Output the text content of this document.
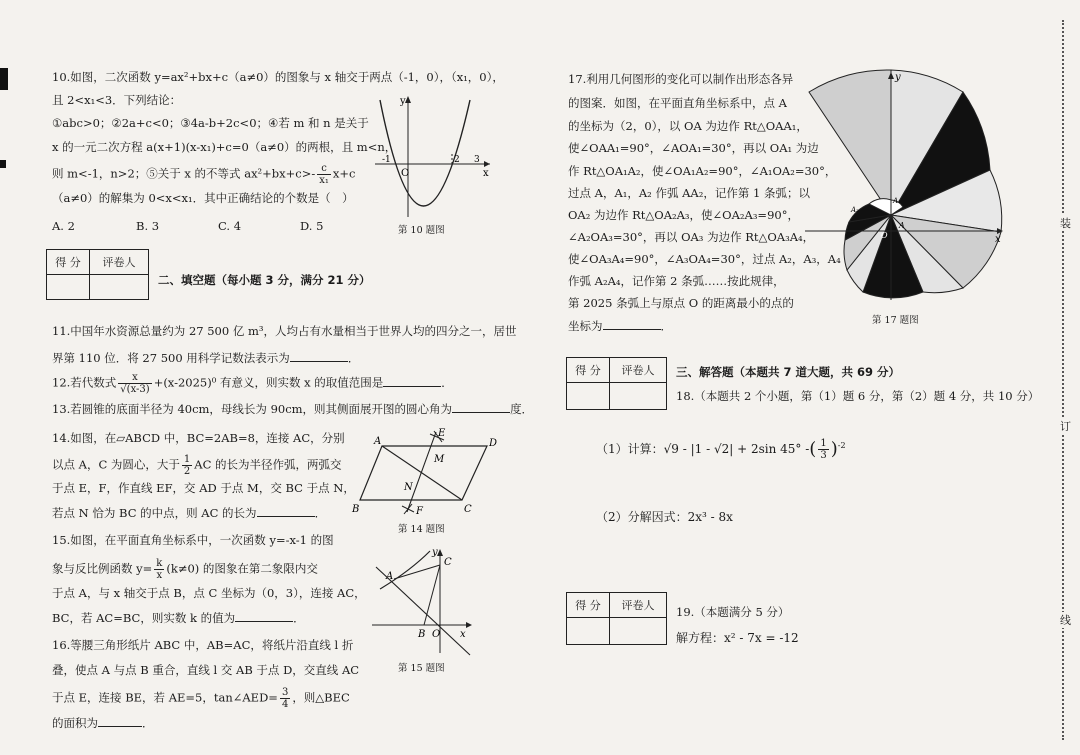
10.如图，二次函数 y=ax²+bx+c（a≠0）的图象与 x 轴交于两点（-1，0），（x₁，0），
且 2<x₁<3．下列结论：
①abc>0；②2a+c<0；③4a-b+2c<0；④若 m 和 n 是关于
x 的一元二次方程 a(x+1)(x-x₁)+c=0（a≠0）的两根，且 m<n，
则 m<-1，n>2；⑤关于 x 的不等式 $ax^2+bx+c>- \frac{c}{\text{x₁}} x+c$
（a≠0）的解集为 0<x<x₁．其中正确结论的个数是（　）
A. 2	B. 3	C. 4	D. 5
y
x
O
-1	2 3
第 10 题图
得 分	评卷人

二、填空题（每小题 3 分，满分 21 分）
11.中国年水资源总量约为 27 500 亿 m³，人均占有水量相当于世界人均的四分之一，居世
界第 110 位．将 27 500 用科学记数法表示为	．
12.若代数式 $\frac{x}{√(x-3)} +(x-2025)^0$ 有意义，则实数 x 的取值范围是	．
13.若圆锥的底面半径为 40cm，母线长为 90cm，则其侧面展开图的圆心角为	度．
14.如图，在▱ABCD 中，BC=2AB=8，连接 AC，分别
以点 A，C 为圆心，大于 $\frac{1}{2}$ AC 的长为半径作弧，两弧交
于点 E，F，作直线 EF，交 AD 于点 M，交 BC 于点 N，
若点 N 恰为 BC 的中点，则 AC 的长为	．
A	D
B	C
E
F
M
N
第 14 题图
15.如图，在平面直角坐标系中，一次函数 y=-x-1 的图
象与反比例函数 $y= \frac{k}{x} (k\ne 0)$ 的图象在第二象限内交
于点 A，与 x 轴交于点 B，点 C 坐标为（0，3），连接 AC，
BC，若 AC=BC，则实数 k 的值为	．
A
C
B O x
y
第 15 题图
16.等腰三角形纸片 ABC 中，AB=AC，将纸片沿直线 l 折
叠，使点 A 与点 B 重合，直线 l 交 AB 于点 D，交直线 AC
于点 E，连接 BE，若 AE=5，tan∠AED= $\frac{3}{4}$ ，则△BEC
的面积为	．
17.利用几何图形的变化可以制作出形态各异
的图案．如图，在平面直角坐标系中，点 A
的坐标为（2，0），以 OA 为边作 Rt△OAA₁，
使∠OAA₁=90°，∠AOA₁=30°，再以 OA₁ 为边
作 Rt△OA₁A₂，使∠OA₁A₂=90°，∠A₁OA₂=30°，
过点 A，A₁，A₂ 作弧 AA₂，记作第 1 条弧；以
OA₂ 为边作 Rt△OA₂A₃，使∠OA₂A₃=90°，
∠A₂OA₃=30°，再以 OA₃ 为边作 Rt△OA₃A₄，
使∠OA₃A₄=90°，∠A₃OA₄=30°，过点 A₂，A₃，A₄
作弧 A₂A₄，记作第 2 条弧……按此规律，
第 2025 条弧上与原点 O 的距离最小的点的
坐标为	．
y
x
O
A
A₁
A₂
第 17 题图
得 分	评卷人
	三、解答题（本题共 7 道大题，共 69 分）
18.（本题共 2 个小题，第（1）题 6 分，第（2）题 4 分，共 10 分）
（1）计算：√9 - |1 - √2| + 2sin 45° -( $\frac{1}{3} )^{-2}$
（2）分解因式：2x³ - 8x
得 分	评卷人
	19.（本题满分 5 分）
解方程：x² - 7x = -12
装
订
线
